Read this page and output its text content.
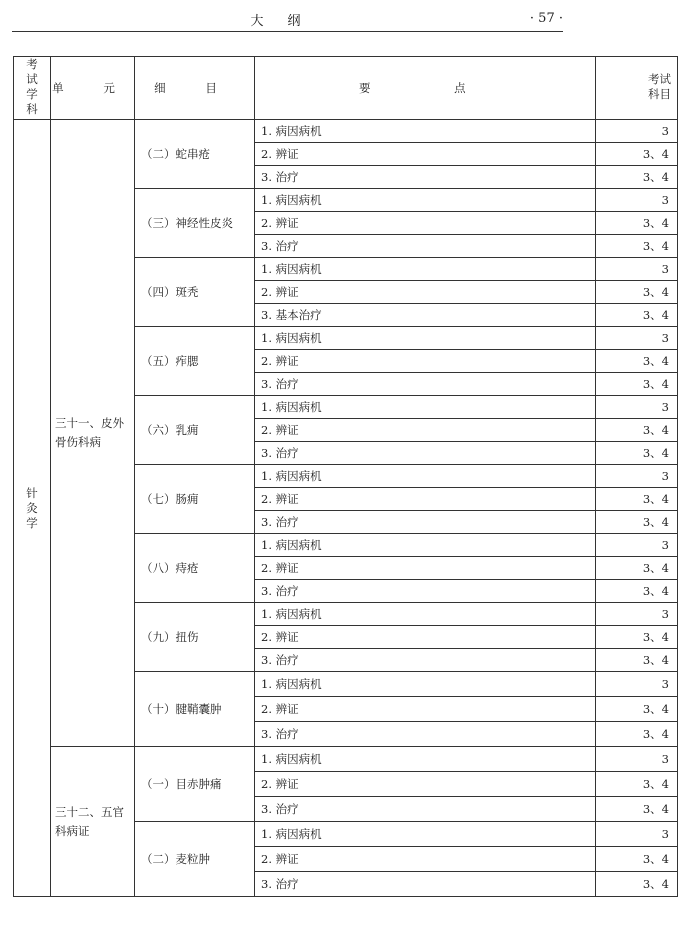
大纲	· 57 ·
考试学科	单 元	细 目	要 点	考试科目
针灸学	三十一、皮外骨伤科病	（二）蛇串疮	1. 病因病机	3
			2. 辨证	3、4
			3. 治疗	3、4
		（三）神经性皮炎	1. 病因病机	3
			2. 辨证	3、4
			3. 治疗	3、4
		（四）斑秃	1. 病因病机	3
			2. 辨证	3、4
			3. 基本治疗	3、4
		（五）痄腮	1. 病因病机	3
			2. 辨证	3、4
			3. 治疗	3、4
		（六）乳痈	1. 病因病机	3
			2. 辨证	3、4
			3. 治疗	3、4
		（七）肠痈	1. 病因病机	3
			2. 辨证	3、4
			3. 治疗	3、4
		（八）痔疮	1. 病因病机	3
			2. 辨证	3、4
			3. 治疗	3、4
		（九）扭伤	1. 病因病机	3
			2. 辨证	3、4
			3. 治疗	3、4
		（十）腱鞘囊肿	1. 病因病机	3
			2. 辨证	3、4
			3. 治疗	3、4
	三十二、五官科病证	（一）目赤肿痛	1. 病因病机	3
			2. 辨证	3、4
			3. 治疗	3、4
		（二）麦粒肿	1. 病因病机	3
			2. 辨证	3、4
			3. 治疗	3、4
